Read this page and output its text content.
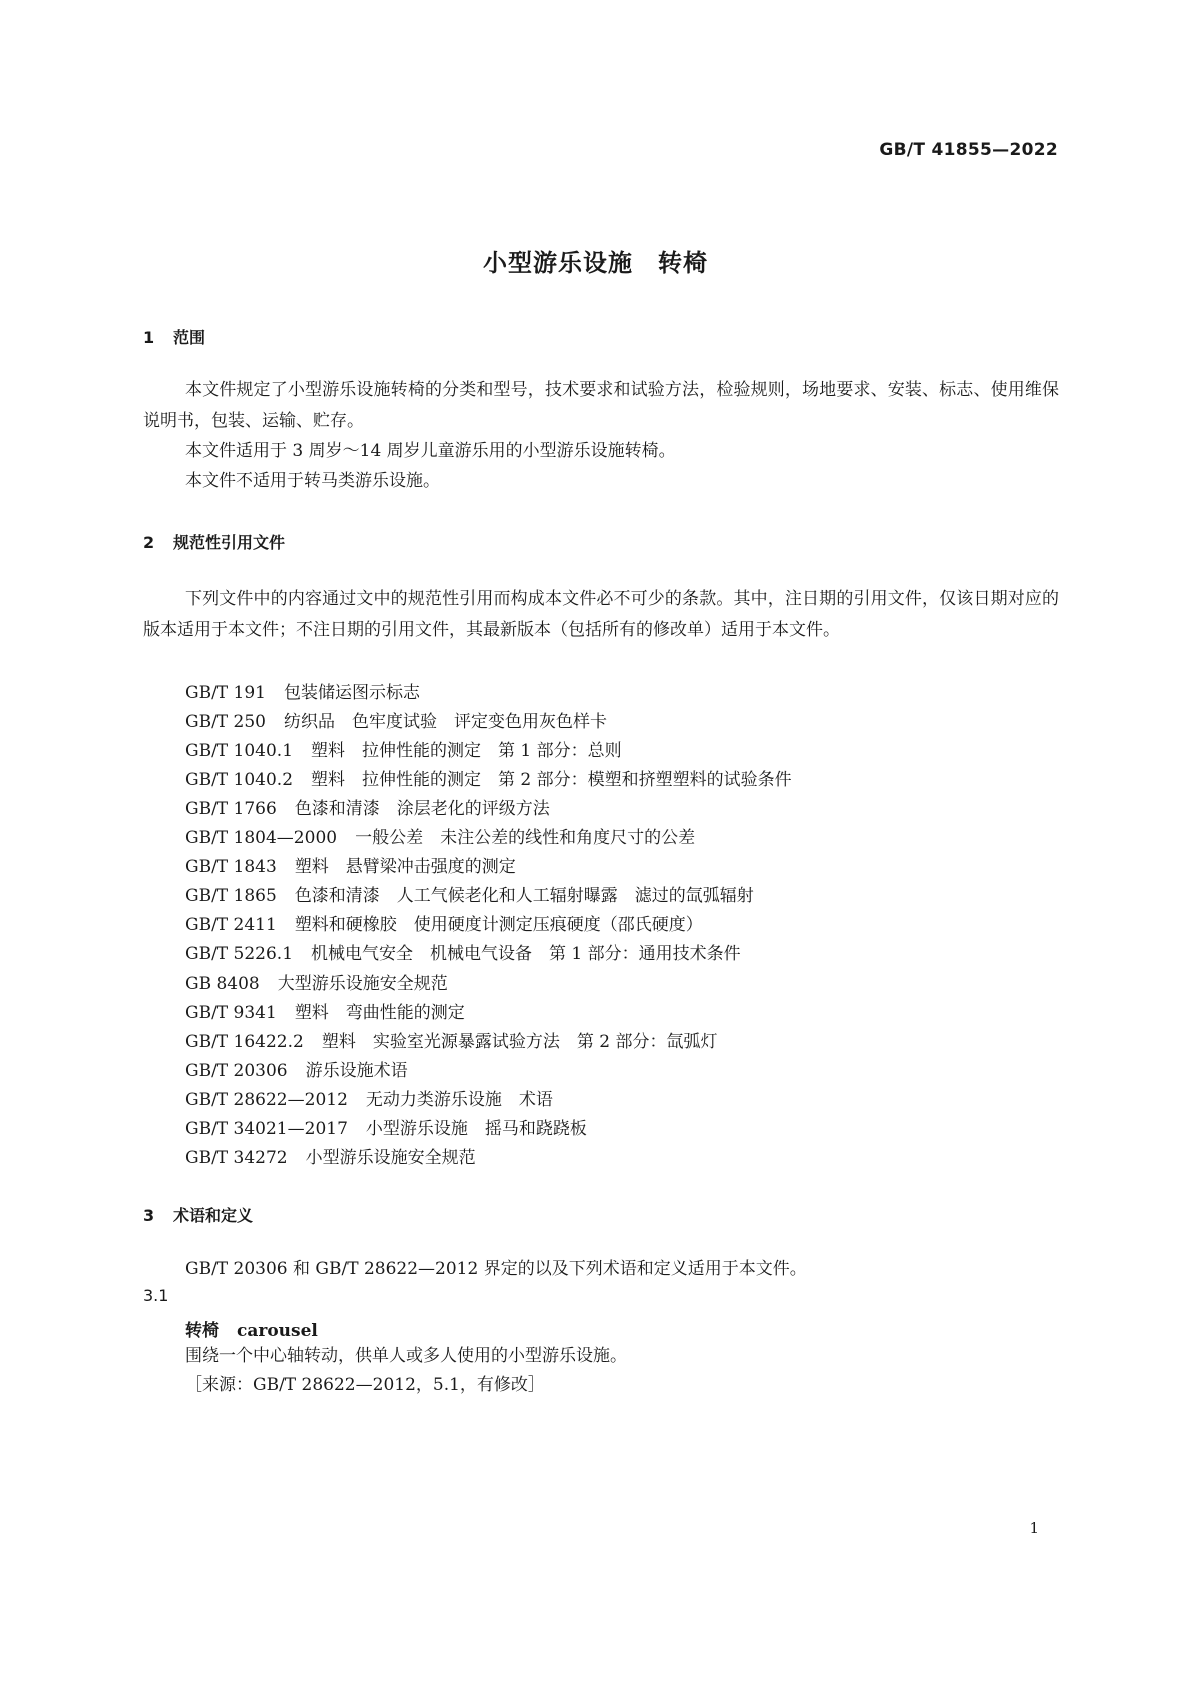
GB/T 41855—2022
小型游乐设施　转椅
1 范围
本文件规定了小型游乐设施转椅的分类和型号，技术要求和试验方法，检验规则，场地要求、安装、标志、使用维保说明书，包装、运输、贮存。
本文件适用于 3 周岁～14 周岁儿童游乐用的小型游乐设施转椅。
本文件不适用于转马类游乐设施。
2 规范性引用文件
下列文件中的内容通过文中的规范性引用而构成本文件必不可少的条款。其中，注日期的引用文件，仅该日期对应的版本适用于本文件；不注日期的引用文件，其最新版本（包括所有的修改单）适用于本文件。
GB/T 191 包装储运图示标志
GB/T 250 纺织品　色牢度试验　评定变色用灰色样卡
GB/T 1040.1 塑料　拉伸性能的测定　第 1 部分：总则
GB/T 1040.2 塑料　拉伸性能的测定　第 2 部分：模塑和挤塑塑料的试验条件
GB/T 1766 色漆和清漆　涂层老化的评级方法
GB/T 1804—2000 一般公差　未注公差的线性和角度尺寸的公差
GB/T 1843 塑料　悬臂梁冲击强度的测定
GB/T 1865 色漆和清漆　人工气候老化和人工辐射曝露　滤过的氙弧辐射
GB/T 2411 塑料和硬橡胶　使用硬度计测定压痕硬度（邵氏硬度）
GB/T 5226.1 机械电气安全　机械电气设备　第 1 部分：通用技术条件
GB 8408 大型游乐设施安全规范
GB/T 9341 塑料　弯曲性能的测定
GB/T 16422.2 塑料　实验室光源暴露试验方法　第 2 部分：氙弧灯
GB/T 20306 游乐设施术语
GB/T 28622—2012 无动力类游乐设施　术语
GB/T 34021—2017 小型游乐设施　摇马和跷跷板
GB/T 34272 小型游乐设施安全规范
3 术语和定义
GB/T 20306 和 GB/T 28622—2012 界定的以及下列术语和定义适用于本文件。
3.1
转椅 carousel
围绕一个中心轴转动，供单人或多人使用的小型游乐设施。
［来源：GB/T 28622—2012，5.1，有修改］
1
